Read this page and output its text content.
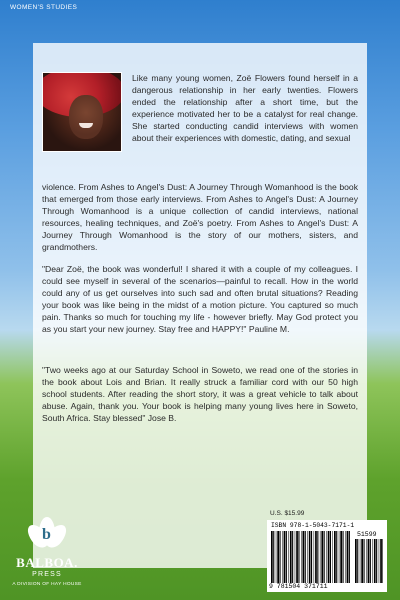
WOMEN'S STUDIES

Like many young women, Zoë Flowers found herself in a dangerous relationship in her early twenties. Flowers ended the relationship after a short time, but the experience motivated her to be a catalyst for real change. She started conducting candid interviews with women about their experiences with domestic, dating, and sexual

violence. From Ashes to Angel's Dust: A Journey Through Womanhood is the book that emerged from those early interviews. From Ashes to Angel's Dust: A Journey Through Womanhood is a unique collection of candid interviews, national resources, healing techniques, and Zoë's poetry. From Ashes to Angel's Dust: A Journey Through Womanhood is the story of our mothers, sisters, and grandmothers.

"Dear Zoë, the book was wonderful! I shared it with a couple of my colleagues. I could see myself in several of the scenarios—painful to recall. How in the world could any of us get ourselves into such sad and often brutal situations? Reading your book was like being in the midst of a motion picture. You captured so much pain. Thanks so much for touching my life - however briefly. May God protect you as you start your new journey. Stay free and HAPPY!" Pauline M.

"Two weeks ago at our Saturday School in Soweto, we read one of the stories in the book about Lois and Brian. It really struck a familiar cord with our 50 high school students. After reading the short story, it was a great vehicle to talk about abuse. Again, thank you. Your book is helping many young lives here in Soweto, South Africa. Stay blessed" Jose B.

b
BALBOA.
PRESS
A DIVISION OF HAY HOUSE
U.S. $15.99
ISBN 978-1-5043-7171-1
51599
9 781504 371711
